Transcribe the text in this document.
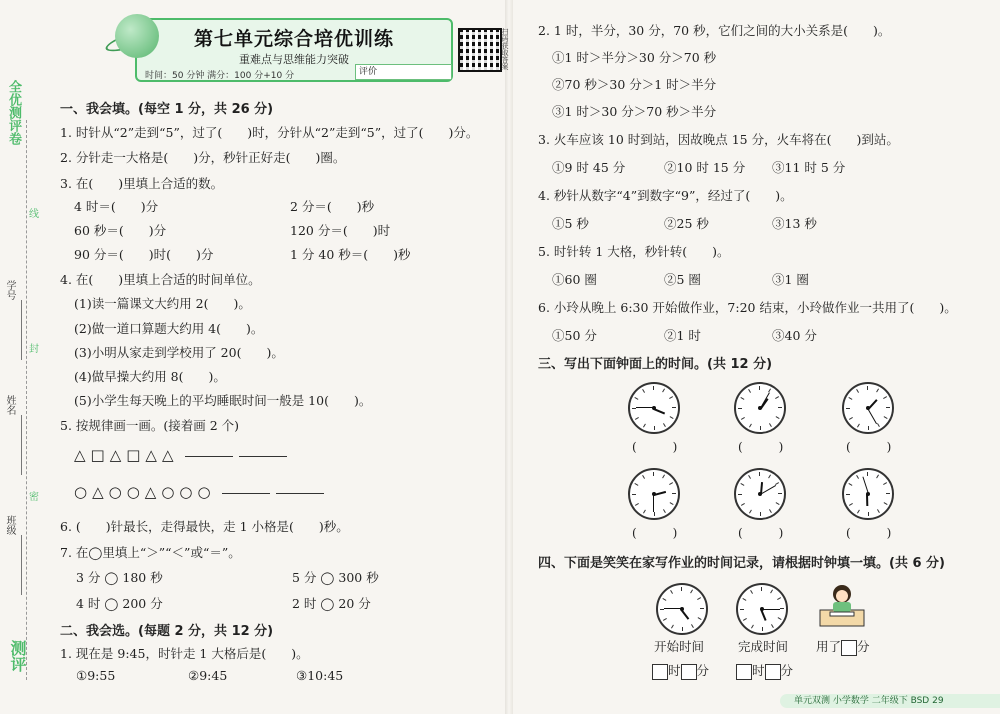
全优测评卷
线
封
密
学号
姓名
班级
测评
第七单元综合培优训练
重难点与思维能力突破
时间：50 分钟 满分：100 分+10 分	评价
扫码获取答案
一、我会填。(每空 1 分，共 26 分)
1. 时针从“2”走到“5”，过了(　　)时，分针从“2”走到“5”，过了(　　)分。
2. 分针走一大格是(　　)分，秒针正好走(　　)圈。
3. 在(　　)里填上合适的数。
4 时＝(　　)分	2 分＝(　　)秒
60 秒＝(　　)分	120 分＝(　　)时
90 分＝(　　)时(　　)分	1 分 40 秒＝(　　)秒
4. 在(　　)里填上合适的时间单位。
(1)读一篇课文大约用 2(　　)。
(2)做一道口算题大约用 4(　　)。
(3)小明从家走到学校用了 20(　　)。
(4)做早操大约用 8(　　)。
(5)小学生每天晚上的平均睡眠时间一般是 10(　　)。
5. 按规律画一画。(接着画 2 个)
△□△□△△
○△○○△○○○
6. (　　)针最长，走得最快，走 1 小格是(　　)秒。
7. 在◯里填上“＞”“＜”或“＝”。
3 分 ◯ 180 秒	5 分 ◯ 300 秒
4 时 ◯ 200 分	2 时 ◯ 20 分
二、我会选。(每题 2 分，共 12 分)
1. 现在是 9:45，时针走 1 大格后是(　　)。
①9:55	②9:45	③10:45
2. 1 时，半分，30 分，70 秒，它们之间的大小关系是(　　)。
①1 时＞半分＞30 分＞70 秒
②70 秒＞30 分＞1 时＞半分
③1 时＞30 分＞70 秒＞半分
3. 火车应该 10 时到站，因故晚点 15 分，火车将在(　　)到站。
①9 时 45 分	②10 时 15 分 ③11 时 5 分
4. 秒针从数字“4”到数字“9”，经过了(　　)。
①5 秒	②25 秒	③13 秒
5. 时针转 1 大格，秒针转(　　)。
①60 圈	②5 圈	③1 圈
6. 小玲从晚上 6:30 开始做作业，7:20 结束，小玲做作业一共用了(　　)。
①50 分	②1 时	③40 分
三、写出下面钟面上的时间。(共 12 分)
四、下面是笑笑在家写作业的时间记录，请根据时钟填一填。(共 6 分)
开始时间	完成时间 用了 分
时 分	时 分
单元双测 小学数学 二年级下 BSD 29
(　　　)	(　　　)	(　　　)
(　　　)	(　　　)	(　　　)
